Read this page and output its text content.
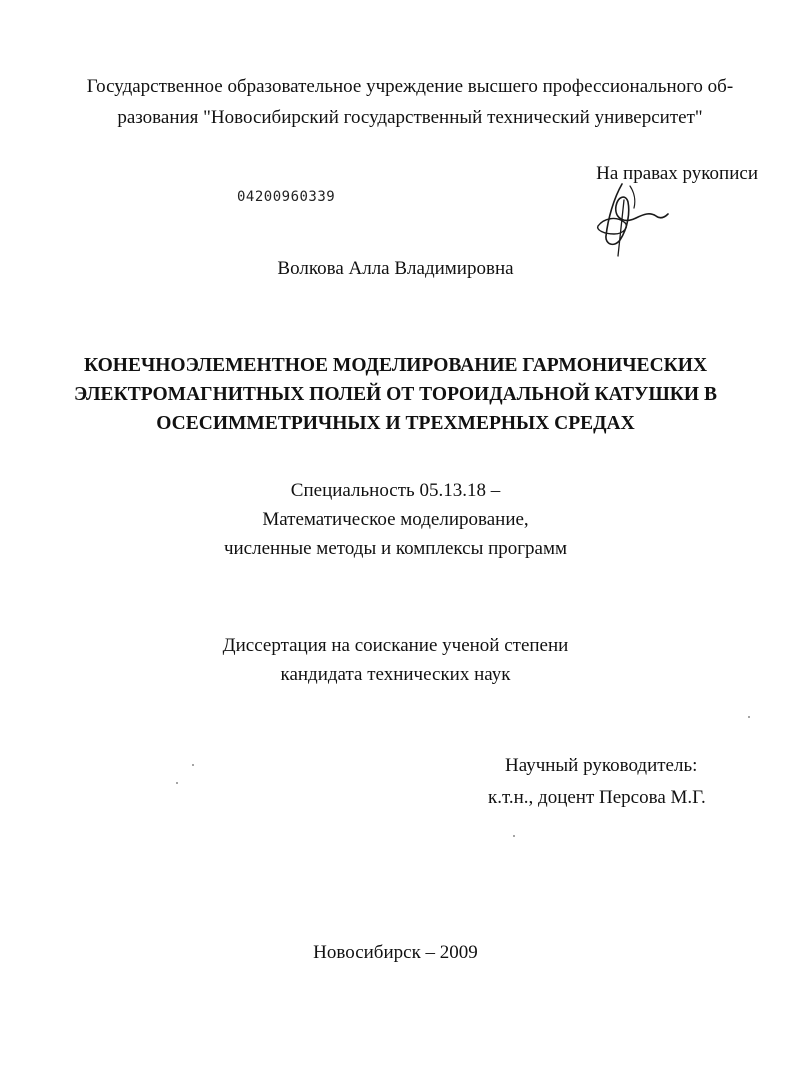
Государственное образовательное учреждение высшего профессионального об-
разования "Новосибирский государственный технический университет"
На правах рукописи
04200960339
Волкова Алла Владимировна
КОНЕЧНОЭЛЕМЕНТНОЕ МОДЕЛИРОВАНИЕ ГАРМОНИЧЕСКИХ
ЭЛЕКТРОМАГНИТНЫХ ПОЛЕЙ ОТ ТОРОИДАЛЬНОЙ КАТУШКИ В
ОСЕСИММЕТРИЧНЫХ И ТРЕХМЕРНЫХ СРЕДАХ
Специальность 05.13.18 –
Математическое моделирование,
численные методы и комплексы программ
Диссертация на соискание ученой степени
кандидата технических наук
Научный руководитель:
к.т.н., доцент Персова М.Г.
Новосибирск – 2009
